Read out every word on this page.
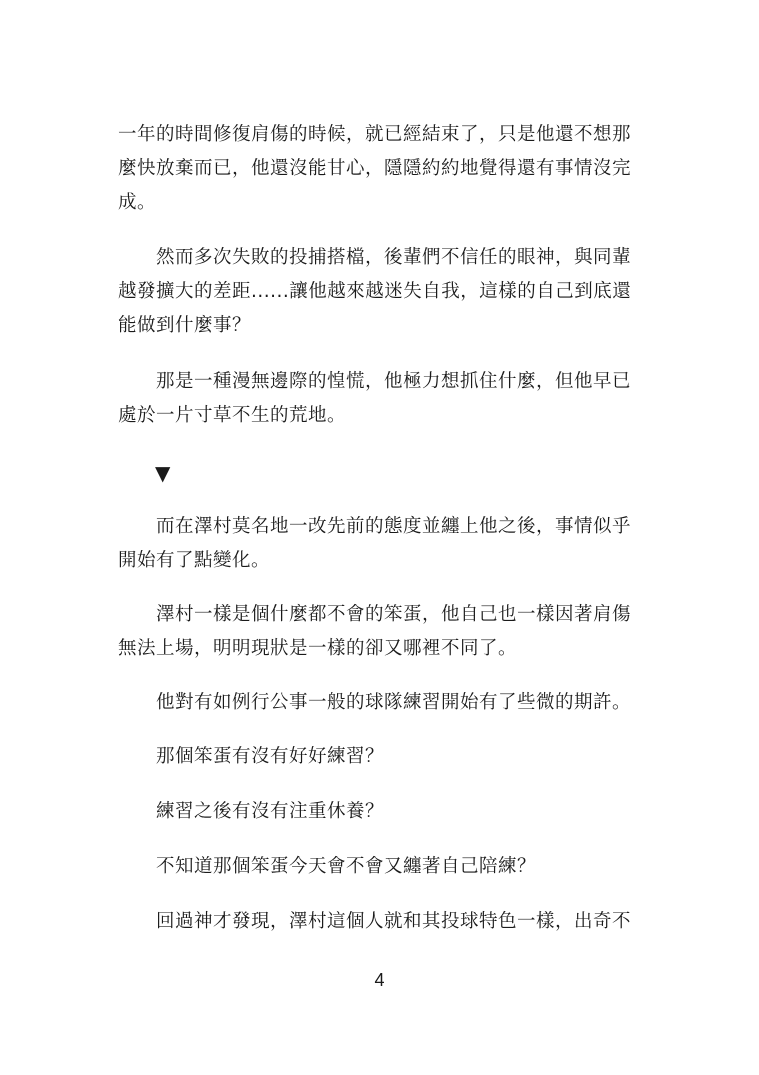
一年的時間修復肩傷的時候，就已經結束了，只是他還不想那麼快放棄而已，他還沒能甘心，隱隱約約地覺得還有事情沒完成。
然而多次失敗的投捕搭檔，後輩們不信任的眼神，與同輩越發擴大的差距......讓他越來越迷失自我，這樣的自己到底還能做到什麼事？
那是一種漫無邊際的惶慌，他極力想抓住什麼，但他早已處於一片寸草不生的荒地。
▼
而在澤村莫名地一改先前的態度並纏上他之後，事情似乎開始有了點變化。
澤村一樣是個什麼都不會的笨蛋，他自己也一樣因著肩傷無法上場，明明現狀是一樣的卻又哪裡不同了。
他對有如例行公事一般的球隊練習開始有了些微的期許。
那個笨蛋有沒有好好練習？
練習之後有沒有注重休養？
不知道那個笨蛋今天會不會又纏著自己陪練？
回過神才發現，澤村這個人就和其投球特色一樣，出奇不
4
